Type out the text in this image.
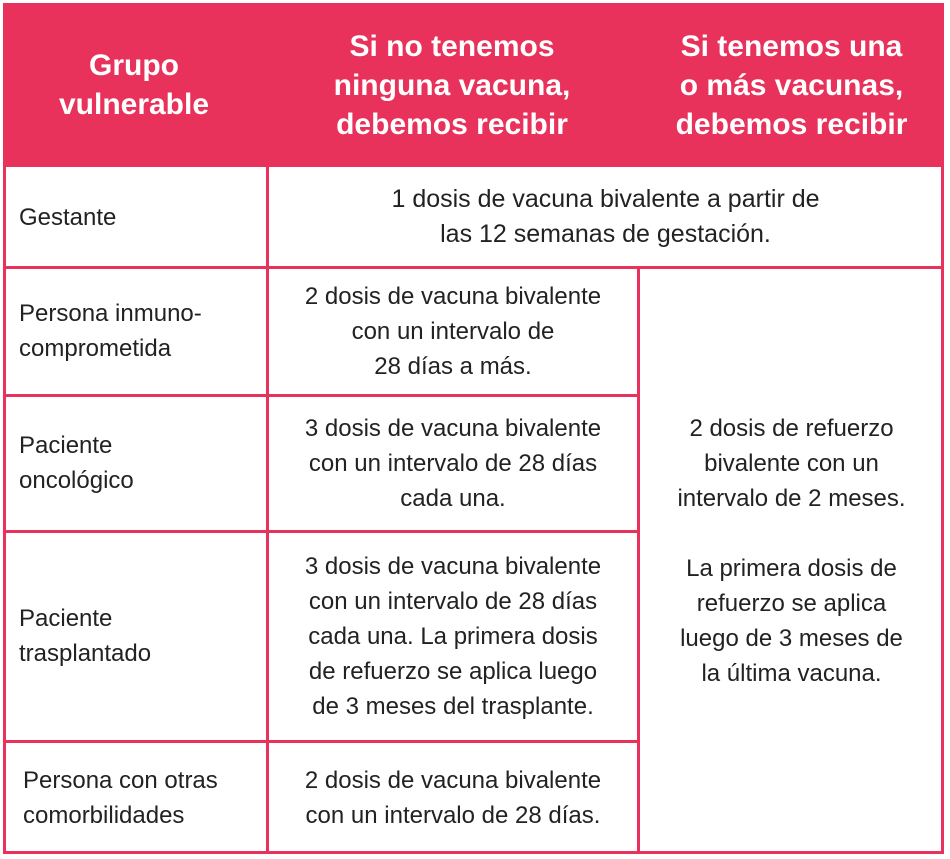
Grupo
vulnerable
Si no tenemos
ninguna vacuna,
debemos recibir
Si tenemos una
o más vacunas,
debemos recibir
Gestante
1 dosis de vacuna bivalente a partir de
las 12 semanas de gestación.
Persona inmuno-
comprometida
2 dosis de vacuna bivalente
con un intervalo de
28 días a más.
Paciente
oncológico
3 dosis de vacuna bivalente
con un intervalo de 28 días
cada una.
Paciente
trasplantado
3 dosis de vacuna bivalente
con un intervalo de 28 días
cada una. La primera dosis
de refuerzo se aplica luego
de 3 meses del trasplante.
Persona con otras
comorbilidades
2 dosis de vacuna bivalente
con un intervalo de 28 días.
2 dosis de refuerzo
bivalente con un
intervalo de 2 meses.
La primera dosis de
refuerzo se aplica
luego de 3 meses de
la última vacuna.
